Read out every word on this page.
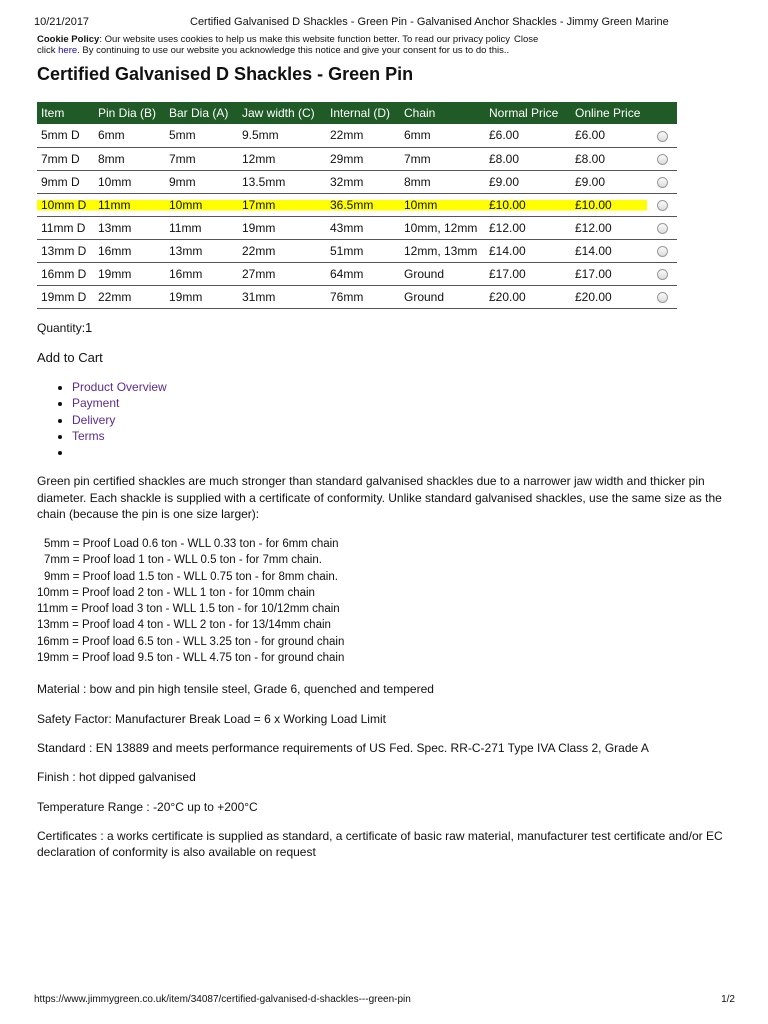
10/21/2017	Certified Galvanised D Shackles - Green Pin - Galvanised Anchor Shackles - Jimmy Green Marine
Cookie Policy: Our website uses cookies to help us make this website function better. To read our privacy policy Close
click here. By continuing to use our website you acknowledge this notice and give your consent for us to do this..
Certified Galvanised D Shackles - Green Pin
Item	Pin Dia (B)	Bar Dia (A)	Jaw width (C)	Internal (D)	Chain	Normal Price	Online Price	
5mm D	6mm	5mm	9.5mm	22mm	6mm	£6.00	£6.00	
7mm D	8mm	7mm	12mm	29mm	7mm	£8.00	£8.00	
9mm D	10mm	9mm	13.5mm	32mm	8mm	£9.00	£9.00	
10mm D	11mm	10mm	17mm	36.5mm	10mm	£10.00	£10.00	
11mm D	13mm	11mm	19mm	43mm	10mm, 12mm	£12.00	£12.00	
13mm D	16mm	13mm	22mm	51mm	12mm, 13mm	£14.00	£14.00	
16mm D	19mm	16mm	27mm	64mm	Ground	£17.00	£17.00	
19mm D	22mm	19mm	31mm	76mm	Ground	£20.00	£20.00	
Quantity:1
Add to Cart
• Product Overview
• Payment
• Delivery
• Terms
•

Green pin certified shackles are much stronger than standard galvanised shackles due to a narrower jaw width and thicker pin diameter. Each shackle is supplied with a certificate of conformity. Unlike standard galvanised shackles, use the same size as the chain (because the pin is one size larger):

5mm = Proof Load 0.6 ton - WLL 0.33 ton - for 6mm chain
7mm = Proof load 1 ton - WLL 0.5 ton - for 7mm chain.
9mm = Proof load 1.5 ton - WLL 0.75 ton - for 8mm chain.
10mm = Proof load 2 ton - WLL 1 ton - for 10mm chain
11mm = Proof load 3 ton - WLL 1.5 ton - for 10/12mm chain
13mm = Proof load 4 ton - WLL 2 ton - for 13/14mm chain
16mm = Proof load 6.5 ton - WLL 3.25 ton - for ground chain
19mm = Proof load 9.5 ton - WLL 4.75 ton - for ground chain

Material : bow and pin high tensile steel, Grade 6, quenched and tempered

Safety Factor: Manufacturer Break Load = 6 x Working Load Limit

Standard : EN 13889 and meets performance requirements of US Fed. Spec. RR-C-271 Type IVA Class 2, Grade A

Finish : hot dipped galvanised

Temperature Range : -20°C up to +200°C

Certificates : a works certificate is supplied as standard, a certificate of basic raw material, manufacturer test certificate and/or EC declaration of conformity is also available on request

https://www.jimmygreen.co.uk/item/34087/certified-galvanised-d-shackles---green-pin	1/2
